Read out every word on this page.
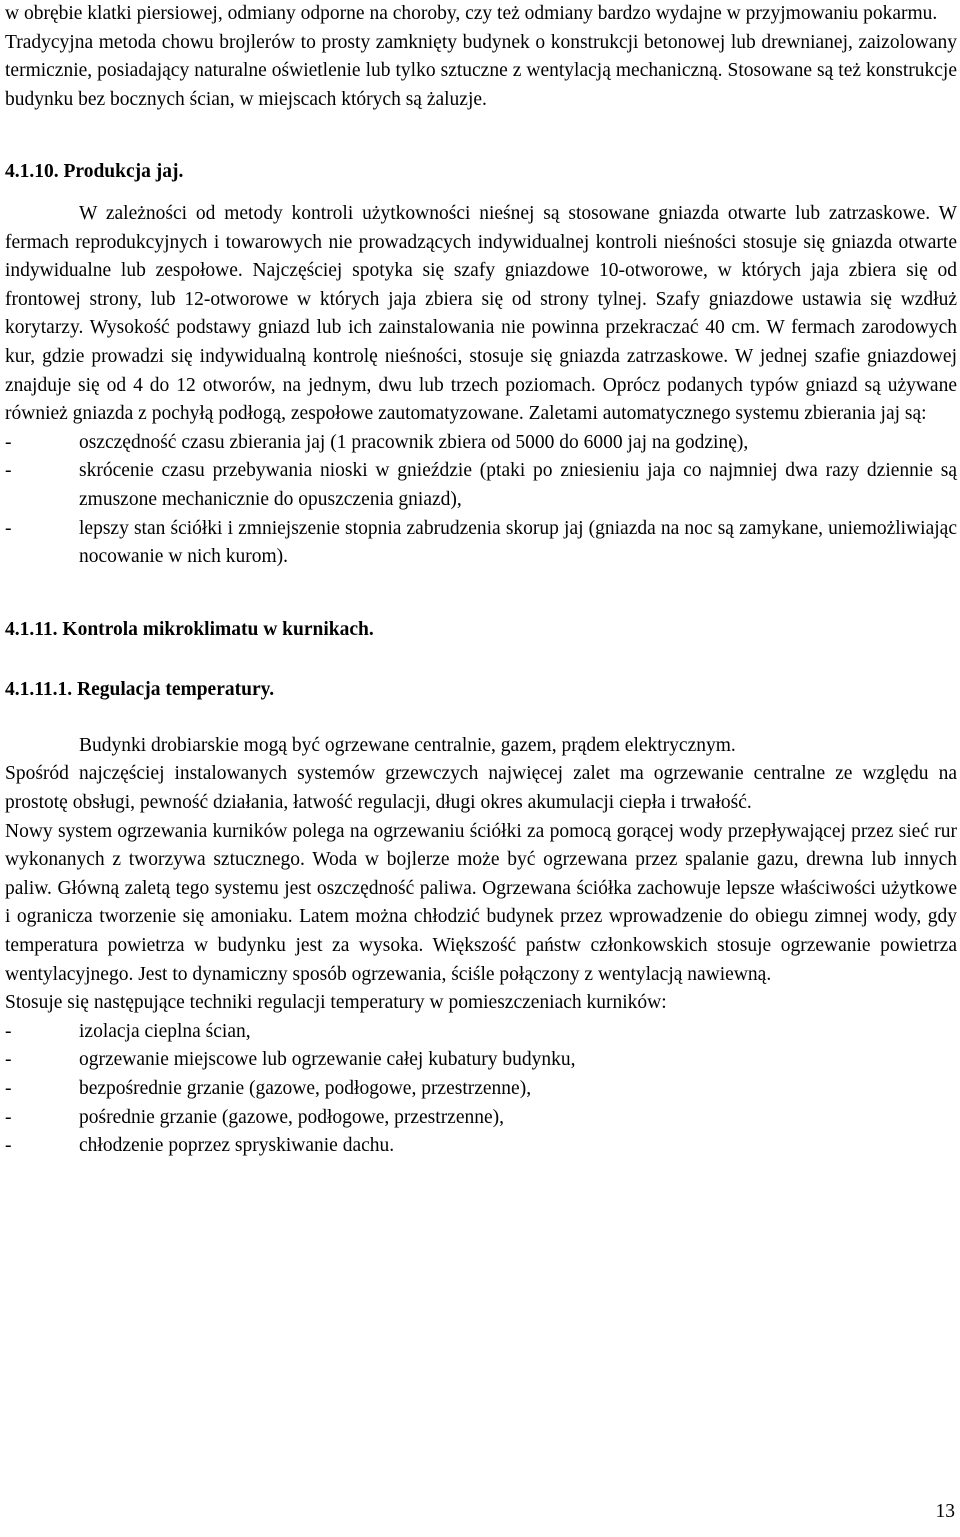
w obrębie klatki piersiowej, odmiany odporne na choroby, czy też odmiany bardzo wydajne w przyjmowaniu pokarmu.

Tradycyjna metoda chowu brojlerów to prosty zamknięty budynek o konstrukcji betonowej lub drewnianej, zaizolowany termicznie, posiadający naturalne oświetlenie lub tylko sztuczne z wentylacją mechaniczną. Stosowane są też konstrukcje budynku bez bocznych ścian, w miejscach których są żaluzje.

4.1.10. Produkcja jaj.

W zależności od metody kontroli użytkowności nieśnej są stosowane gniazda otwarte lub zatrzaskowe. W fermach reprodukcyjnych i towarowych nie prowadzących indywidualnej kontroli nieśności stosuje się gniazda otwarte indywidualne lub zespołowe. Najczęściej spotyka się szafy gniazdowe 10-otworowe, w których jaja zbiera się od frontowej strony, lub 12-otworowe w których jaja zbiera się od strony tylnej. Szafy gniazdowe ustawia się wzdłuż korytarzy. Wysokość podstawy gniazd lub ich zainstalowania nie powinna przekraczać 40 cm. W fermach zarodowych kur, gdzie prowadzi się indywidualną kontrolę nieśności, stosuje się gniazda zatrzaskowe. W jednej szafie gniazdowej znajduje się od 4 do 12 otworów, na jednym, dwu lub trzech poziomach. Oprócz podanych typów gniazd są używane również gniazda z pochyłą podłogą, zespołowe zautomatyzowane. Zaletami automatycznego systemu zbierania jaj są:

-	oszczędność czasu zbierania jaj (1 pracownik zbiera od 5000 do 6000 jaj na godzinę),
-	skrócenie czasu przebywania nioski w gnieździe (ptaki po zniesieniu jaja co najmniej dwa razy dziennie są zmuszone mechanicznie do opuszczenia gniazd),
-	lepszy stan ściółki i zmniejszenie stopnia zabrudzenia skorup jaj (gniazda na noc są zamykane, uniemożliwiając nocowanie w nich kurom).

4.1.11. Kontrola mikroklimatu w kurnikach.

4.1.11.1. Regulacja temperatury.

Budynki drobiarskie mogą być ogrzewane centralnie, gazem, prądem elektrycznym.

Spośród najczęściej instalowanych systemów grzewczych najwięcej zalet ma ogrzewanie centralne ze względu na prostotę obsługi, pewność działania, łatwość regulacji, długi okres akumulacji ciepła i trwałość.

Nowy system ogrzewania kurników polega na ogrzewaniu ściółki za pomocą gorącej wody przepływającej przez sieć rur wykonanych z tworzywa sztucznego. Woda w bojlerze może być ogrzewana przez spalanie gazu, drewna lub innych paliw. Główną zaletą tego systemu jest oszczędność paliwa. Ogrzewana ściółka zachowuje lepsze właściwości użytkowe i ogranicza tworzenie się amoniaku. Latem można chłodzić budynek przez wprowadzenie do obiegu zimnej wody, gdy temperatura powietrza w budynku jest za wysoka. Większość państw członkowskich stosuje ogrzewanie powietrza wentylacyjnego. Jest to dynamiczny sposób ogrzewania, ściśle połączony z wentylacją nawiewną.

Stosuje się następujące techniki regulacji temperatury w pomieszczeniach kurników:

-	izolacja cieplna ścian,
-	ogrzewanie miejscowe lub ogrzewanie całej kubatury budynku,
-	bezpośrednie grzanie (gazowe, podłogowe, przestrzenne),
-	pośrednie grzanie (gazowe, podłogowe, przestrzenne),
-	chłodzenie poprzez spryskiwanie dachu.
13
